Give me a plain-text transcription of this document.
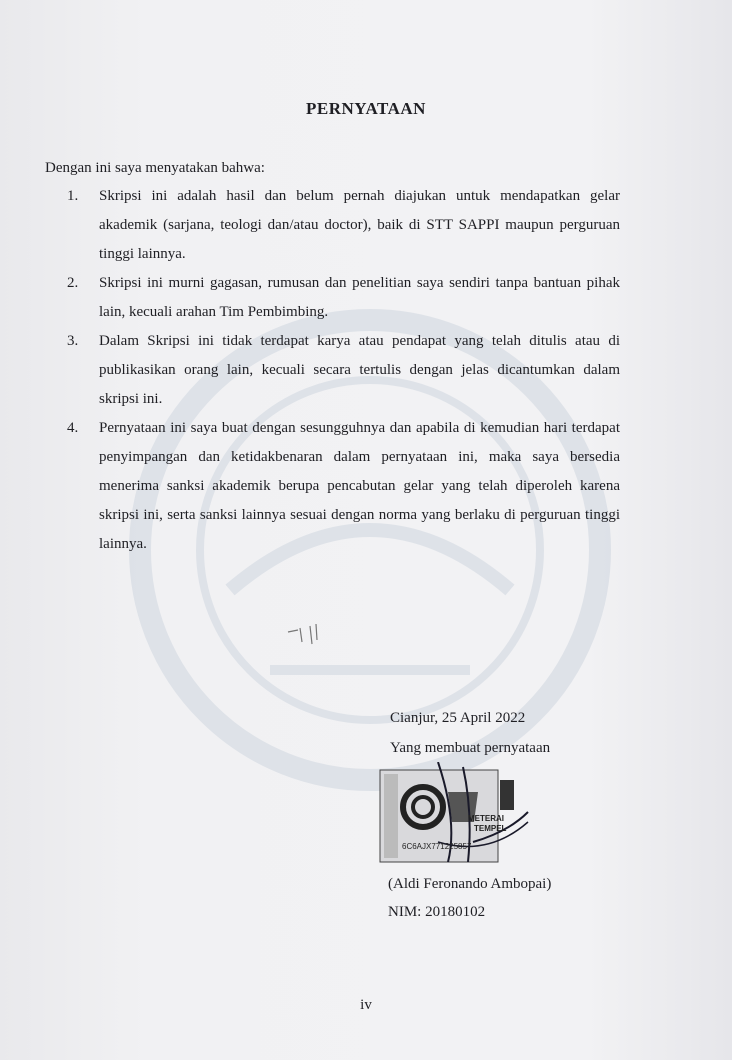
PERNYATAAN
Dengan ini saya menyatakan bahwa:
1.	Skripsi ini adalah hasil dan belum pernah diajukan untuk mendapatkan gelar akademik (sarjana, teologi dan/atau doctor), baik di STT SAPPI maupun perguruan tinggi lainnya.
2.	Skripsi ini murni gagasan, rumusan dan penelitian saya sendiri tanpa bantuan pihak lain, kecuali arahan Tim Pembimbing.
3.	Dalam Skripsi ini tidak terdapat karya atau pendapat yang telah ditulis atau di publikasikan orang lain, kecuali secara tertulis dengan jelas dicantumkan dalam skripsi ini.
4.	Pernyataan ini saya buat dengan sesungguhnya dan apabila di kemudian hari terdapat penyimpangan dan ketidakbenaran dalam pernyataan ini, maka saya bersedia menerima sanksi akademik berupa pencabutan gelar yang telah diperoleh karena skripsi ini, serta sanksi lainnya sesuai dengan norma yang berlaku di perguruan tinggi lainnya.
Cianjur, 25 April 2022
Yang membuat pernyataan
METERAI
TEMPEL
6C6AJX771225857
(Aldi Feronando Ambopai)
NIM: 20180102
iv
